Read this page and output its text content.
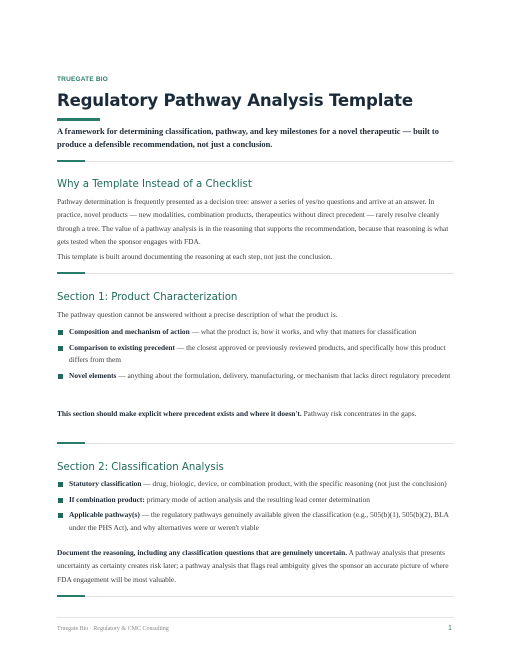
TRUEGATE BIO
Regulatory Pathway Analysis Template
A framework for determining classification, pathway, and key milestones for a novel therapeutic — built to produce a defensible recommendation, not just a conclusion.
Why a Template Instead of a Checklist
Pathway determination is frequently presented as a decision tree: answer a series of yes/no questions and arrive at an answer. In practice, novel products — new modalities, combination products, therapeutics without direct precedent — rarely resolve cleanly through a tree. The value of a pathway analysis is in the reasoning that supports the recommendation, because that reasoning is what gets tested when the sponsor engages with FDA.
This template is built around documenting the reasoning at each step, not just the conclusion.
Section 1: Product Characterization
The pathway question cannot be answered without a precise description of what the product is.
Composition and mechanism of action — what the product is, how it works, and why that matters for classification
Comparison to existing precedent — the closest approved or previously reviewed products, and specifically how this product differs from them
Novel elements — anything about the formulation, delivery, manufacturing, or mechanism that lacks direct regulatory precedent
This section should make explicit where precedent exists and where it doesn't. Pathway risk concentrates in the gaps.
Section 2: Classification Analysis
Statutory classification — drug, biologic, device, or combination product, with the specific reasoning (not just the conclusion)
If combination product: primary mode of action analysis and the resulting lead center determination
Applicable pathway(s) — the regulatory pathways genuinely available given the classification (e.g., 505(b)(1), 505(b)(2), BLA under the PHS Act), and why alternatives were or weren't viable
Document the reasoning, including any classification questions that are genuinely uncertain. A pathway analysis that presents uncertainty as certainty creates risk later; a pathway analysis that flags real ambiguity gives the sponsor an accurate picture of where FDA engagement will be most valuable.
Truegate Bio · Regulatory & CMC Consulting	1
